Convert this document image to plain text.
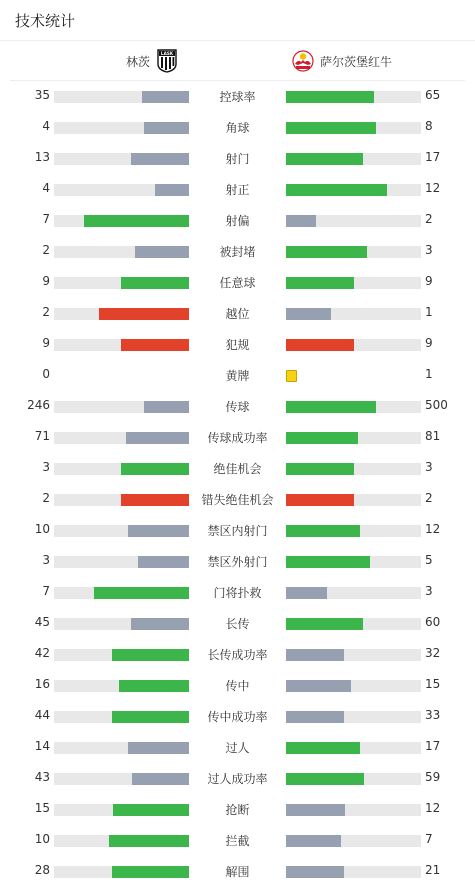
技术统计
林茨
LASK
萨尔茨堡红牛
35	控球率	65
4	角球	8
13	射门	17
4	射正	12
7	射偏	2
2	被封堵	3
9	任意球	9
2	越位	1
9	犯规	9
0	黄牌	1
246	传球	500
71	传球成功率	81
3	绝佳机会	3
2	错失绝佳机会	2
10	禁区内射门	12
3	禁区外射门	5
7	门将扑救	3
45	长传	60
42	长传成功率	32
16	传中	15
44	传中成功率	33
14	过人	17
43	过人成功率	59
15	抢断	12
10	拦截	7
28	解围	21
